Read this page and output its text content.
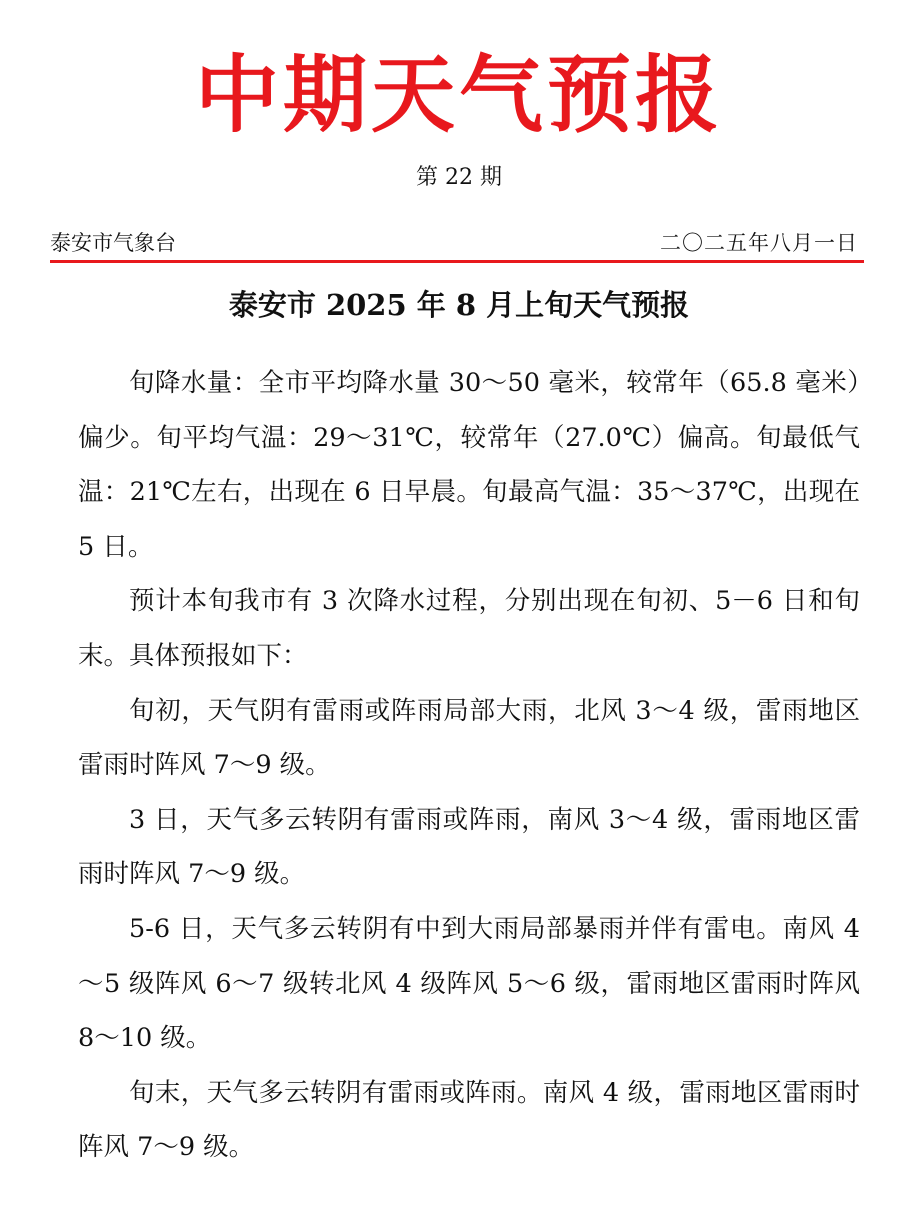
中期天气预报
第 22 期
泰安市气象台	二〇二五年八月一日
泰安市 2025 年 8 月上旬天气预报

旬降水量：全市平均降水量 30～50 毫米，较常年（65.8 毫米）偏少。旬平均气温：29～31℃，较常年（27.0℃）偏高。旬最低气温：21℃左右，出现在 6 日早晨。旬最高气温：35～37℃，出现在 5 日。

预计本旬我市有 3 次降水过程，分别出现在旬初、5－6 日和旬末。具体预报如下：

旬初，天气阴有雷雨或阵雨局部大雨，北风 3～4 级，雷雨地区雷雨时阵风 7～9 级。

3 日，天气多云转阴有雷雨或阵雨，南风 3～4 级，雷雨地区雷雨时阵风 7～9 级。

5-6 日，天气多云转阴有中到大雨局部暴雨并伴有雷电。南风 4～5 级阵风 6～7 级转北风 4 级阵风 5～6 级，雷雨地区雷雨时阵风 8～10 级。

旬末，天气多云转阴有雷雨或阵雨。南风 4 级，雷雨地区雷雨时阵风 7～9 级。
